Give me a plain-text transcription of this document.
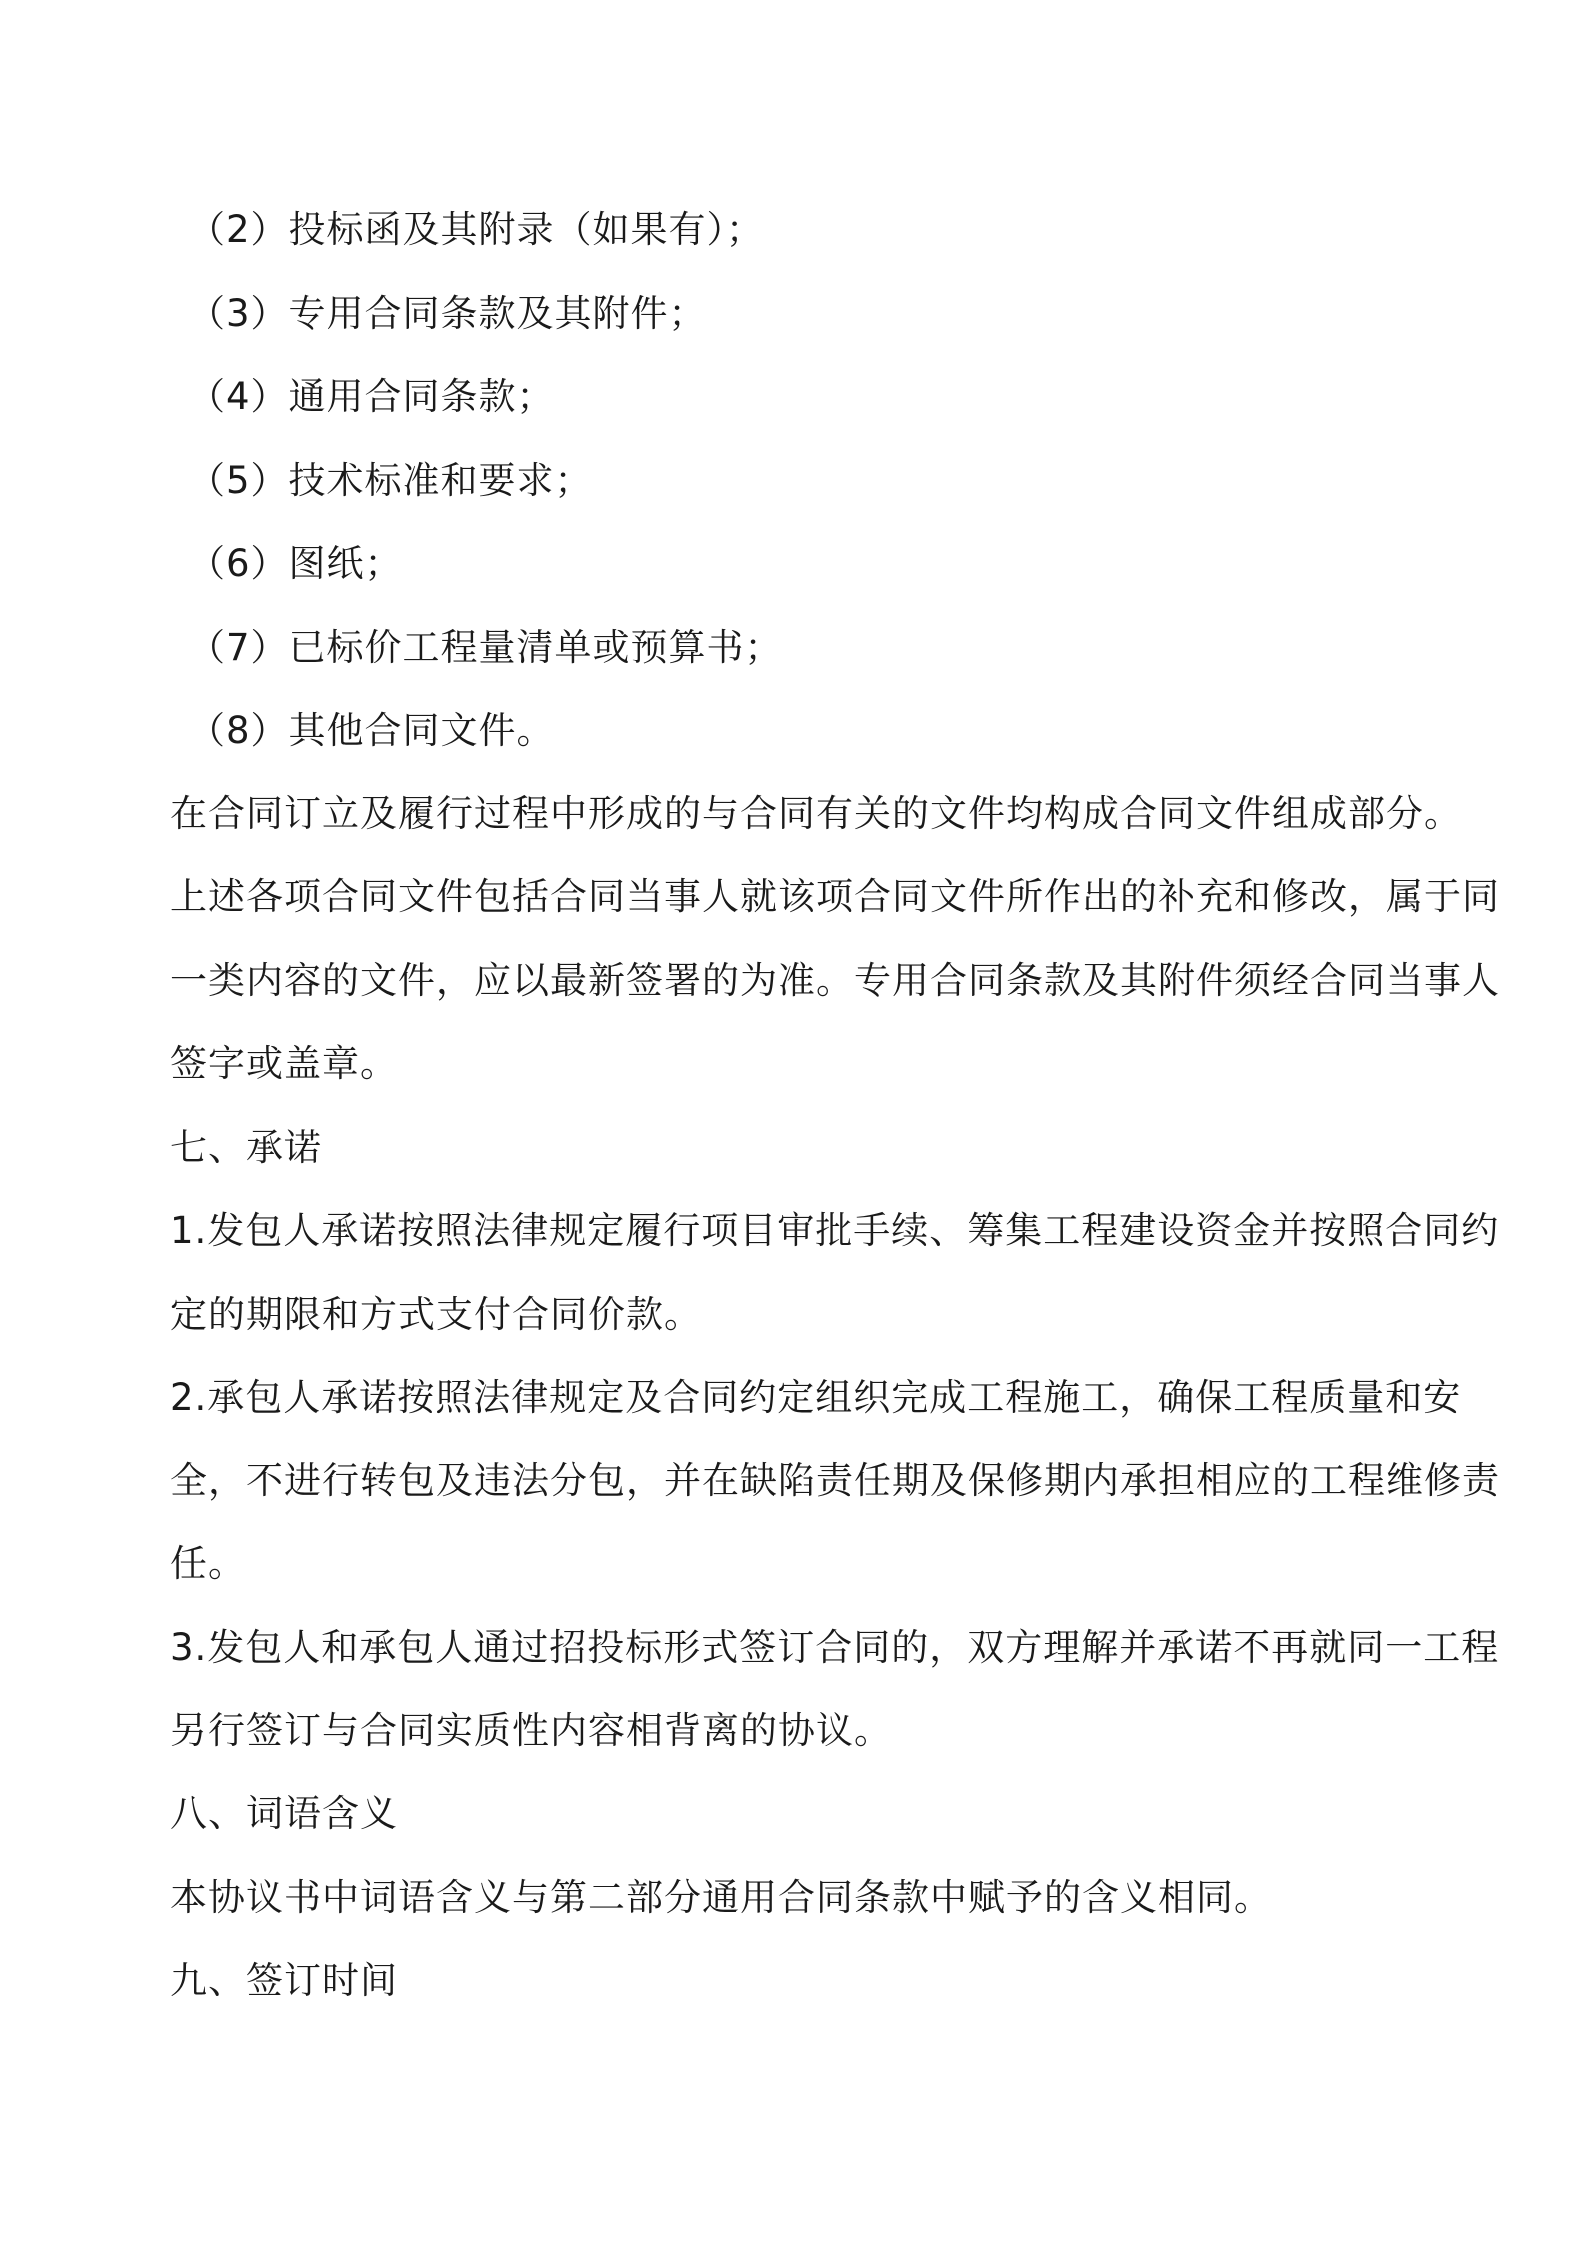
（2）投标函及其附录（如果有）；
（3）专用合同条款及其附件；
（4）通用合同条款；
（5）技术标准和要求；
（6）图纸；
（7）已标价工程量清单或预算书；
（8）其他合同文件。
在合同订立及履行过程中形成的与合同有关的文件均构成合同文件组成部分。
上述各项合同文件包括合同当事人就该项合同文件所作出的补充和修改，属于同
一类内容的文件，应以最新签署的为准。专用合同条款及其附件须经合同当事人
签字或盖章。
七、承诺
1.发包人承诺按照法律规定履行项目审批手续、筹集工程建设资金并按照合同约
定的期限和方式支付合同价款。
2.承包人承诺按照法律规定及合同约定组织完成工程施工，确保工程质量和安
全，不进行转包及违法分包，并在缺陷责任期及保修期内承担相应的工程维修责
任。
3.发包人和承包人通过招投标形式签订合同的，双方理解并承诺不再就同一工程
另行签订与合同实质性内容相背离的协议。
八、词语含义
本协议书中词语含义与第二部分通用合同条款中赋予的含义相同。
九、签订时间
